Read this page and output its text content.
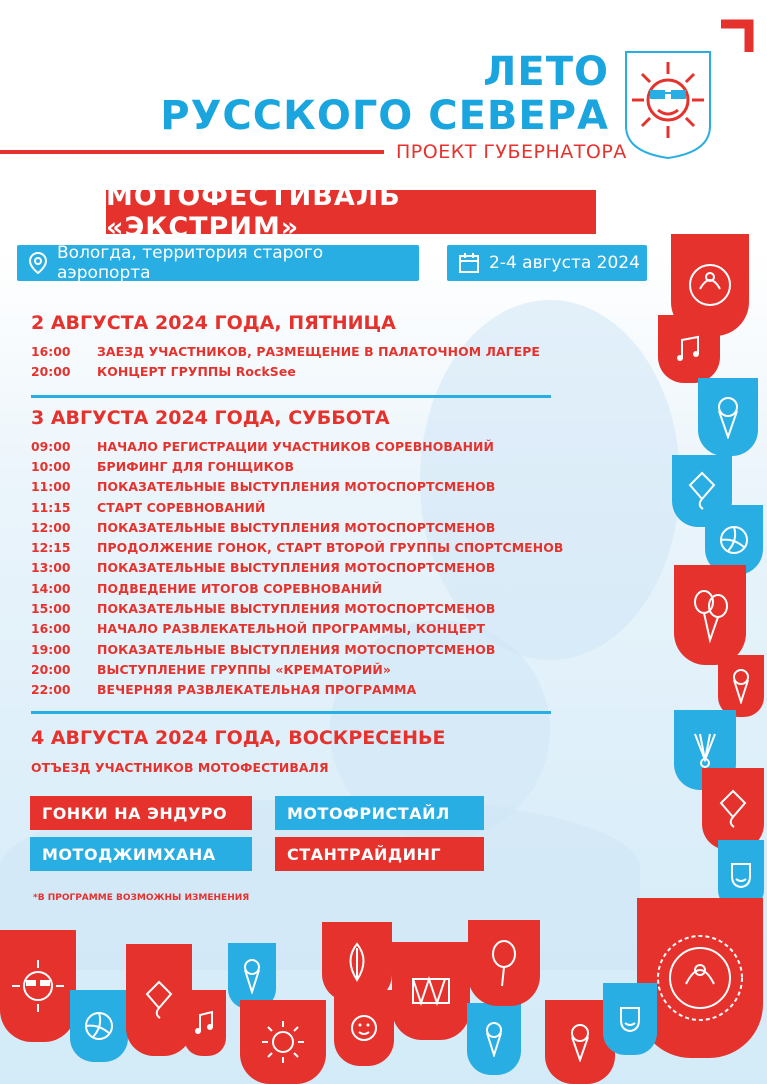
ЛЕТО
РУССКОГО СЕВЕРА
ПРОЕКТ ГУБЕРНАТОРА
МОТОФЕСТИВАЛЬ «ЭКСТРИМ»
Вологда, территория старого аэропорта	2-4 августа 2024
2 АВГУСТА 2024 ГОДА, ПЯТНИЦА
16:00	ЗАЕЗД УЧАСТНИКОВ, РАЗМЕЩЕНИЕ В ПАЛАТОЧНОМ ЛАГЕРЕ
20:00	КОНЦЕРТ ГРУППЫ RockSee
3 АВГУСТА 2024 ГОДА, СУББОТА
09:00	НАЧАЛО РЕГИСТРАЦИИ УЧАСТНИКОВ СОРЕВНОВАНИЙ
10:00	БРИФИНГ ДЛЯ ГОНЩИКОВ
11:00	ПОКАЗАТЕЛЬНЫЕ ВЫСТУПЛЕНИЯ МОТОСПОРТСМЕНОВ
11:15	СТАРТ СОРЕВНОВАНИЙ
12:00	ПОКАЗАТЕЛЬНЫЕ ВЫСТУПЛЕНИЯ МОТОСПОРТСМЕНОВ
12:15	ПРОДОЛЖЕНИЕ ГОНОК, СТАРТ ВТОРОЙ ГРУППЫ СПОРТСМЕНОВ
13:00	ПОКАЗАТЕЛЬНЫЕ ВЫСТУПЛЕНИЯ МОТОСПОРТСМЕНОВ
14:00	ПОДВЕДЕНИЕ ИТОГОВ СОРЕВНОВАНИЙ
15:00	ПОКАЗАТЕЛЬНЫЕ ВЫСТУПЛЕНИЯ МОТОСПОРТСМЕНОВ
16:00	НАЧАЛО РАЗВЛЕКАТЕЛЬНОЙ ПРОГРАММЫ, КОНЦЕРТ
19:00	ПОКАЗАТЕЛЬНЫЕ ВЫСТУПЛЕНИЯ МОТОСПОРТСМЕНОВ
20:00	ВЫСТУПЛЕНИЕ ГРУППЫ «КРЕМАТОРИЙ»
22:00	ВЕЧЕРНЯЯ РАЗВЛЕКАТЕЛЬНАЯ ПРОГРАММА
4 АВГУСТА 2024 ГОДА, ВОСКРЕСЕНЬЕ
ОТЪЕЗД УЧАСТНИКОВ МОТОФЕСТИВАЛЯ
ГОНКИ НА ЭНДУРО	МОТОФРИСТАЙЛ
МОТОДЖИМХАНА	СТАНТРАЙДИНГ
*В ПРОГРАММЕ ВОЗМОЖНЫ ИЗМЕНЕНИЯ
